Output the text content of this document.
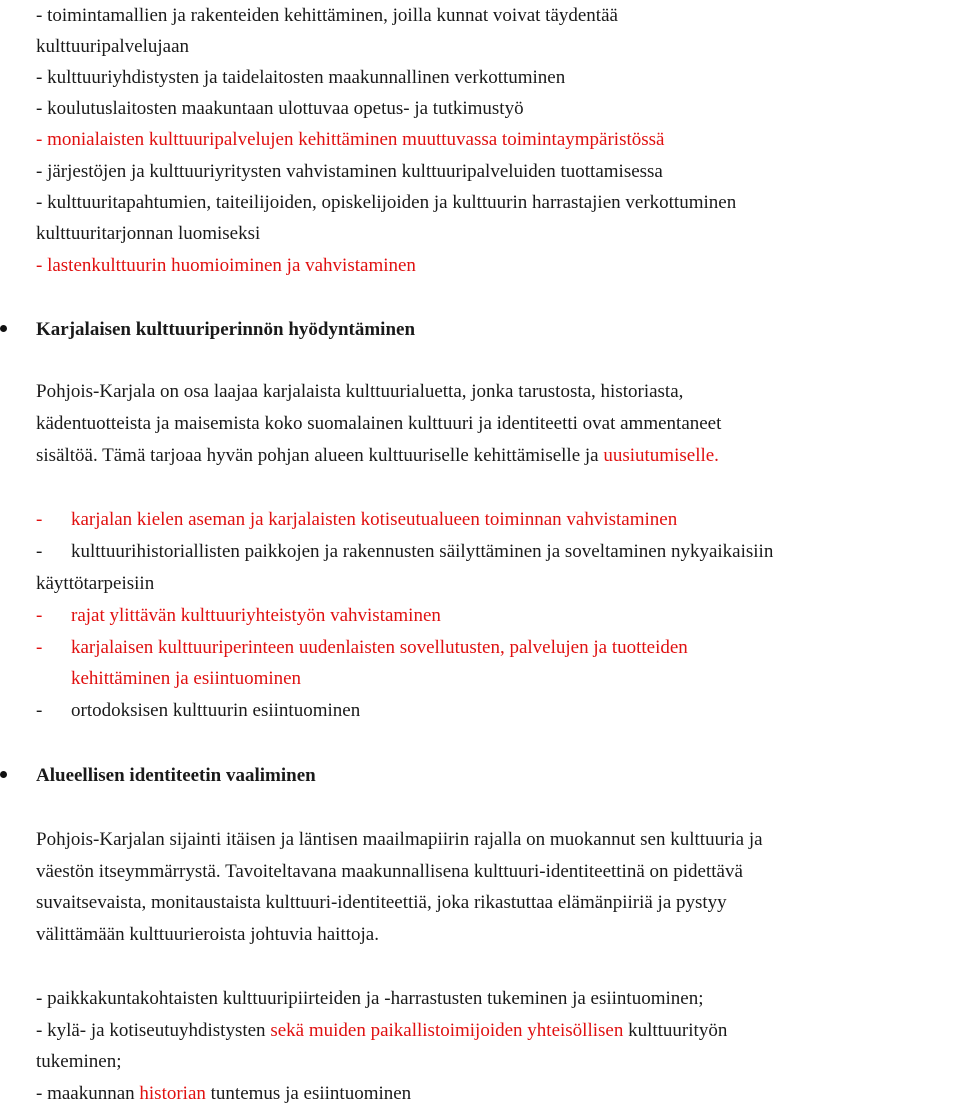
- toimintamallien ja rakenteiden kehittäminen, joilla kunnat voivat täydentää
kulttuuripalvelujaan
- kulttuuriyhdistysten ja taidelaitosten maakunnallinen verkottuminen
- koulutuslaitosten maakuntaan ulottuvaa opetus- ja tutkimustyö
- monialaisten kulttuuripalvelujen kehittäminen muuttuvassa toimintaympäristössä
- järjestöjen ja kulttuuriyritysten vahvistaminen kulttuuripalveluiden tuottamisessa
- kulttuuritapahtumien, taiteilijoiden, opiskelijoiden ja kulttuurin harrastajien verkottuminen
kulttuuritarjonnan luomiseksi
- lastenkulttuurin huomioiminen ja vahvistaminen
Karjalaisen kulttuuriperinnön hyödyntäminen
Pohjois-Karjala on osa laajaa karjalaista kulttuurialuetta, jonka tarustosta, historiasta,
kädentuotteista ja maisemista koko suomalainen kulttuuri ja identiteetti ovat ammentaneet
sisältöä. Tämä tarjoaa hyvän pohjan alueen kulttuuriselle kehittämiselle ja uusiutumiselle.
- karjalan kielen aseman ja karjalaisten kotiseutualueen toiminnan vahvistaminen
- kulttuurihistoriallisten paikkojen ja rakennusten säilyttäminen ja soveltaminen nykyaikaisiin
käyttötarpeisiin
- rajat ylittävän kulttuuriyhteistyön vahvistaminen
- karjalaisen kulttuuriperinteen uudenlaisten sovellutusten, palvelujen ja tuotteiden
kehittäminen ja esiintuominen
- ortodoksisen kulttuurin esiintuominen
Alueellisen identiteetin vaaliminen
Pohjois-Karjalan sijainti itäisen ja läntisen maailmapiirin rajalla on muokannut sen kulttuuria ja
väestön itseymmärrystä. Tavoiteltavana maakunnallisena kulttuuri-identiteettinä on pidettävä
suvaitsevaista, monitaustaista kulttuuri-identiteettiä, joka rikastuttaa elämänpiiriä ja pystyy
välittämään kulttuurieroista johtuvia haittoja.
- paikkakuntakohtaisten kulttuuripiirteiden ja -harrastusten tukeminen ja esiintuominen;
- kylä- ja kotiseutuyhdistysten sekä muiden paikallistoimijoiden yhteisöllisen kulttuurityön
tukeminen;
- maakunnan historian tuntemus ja esiintuominen
